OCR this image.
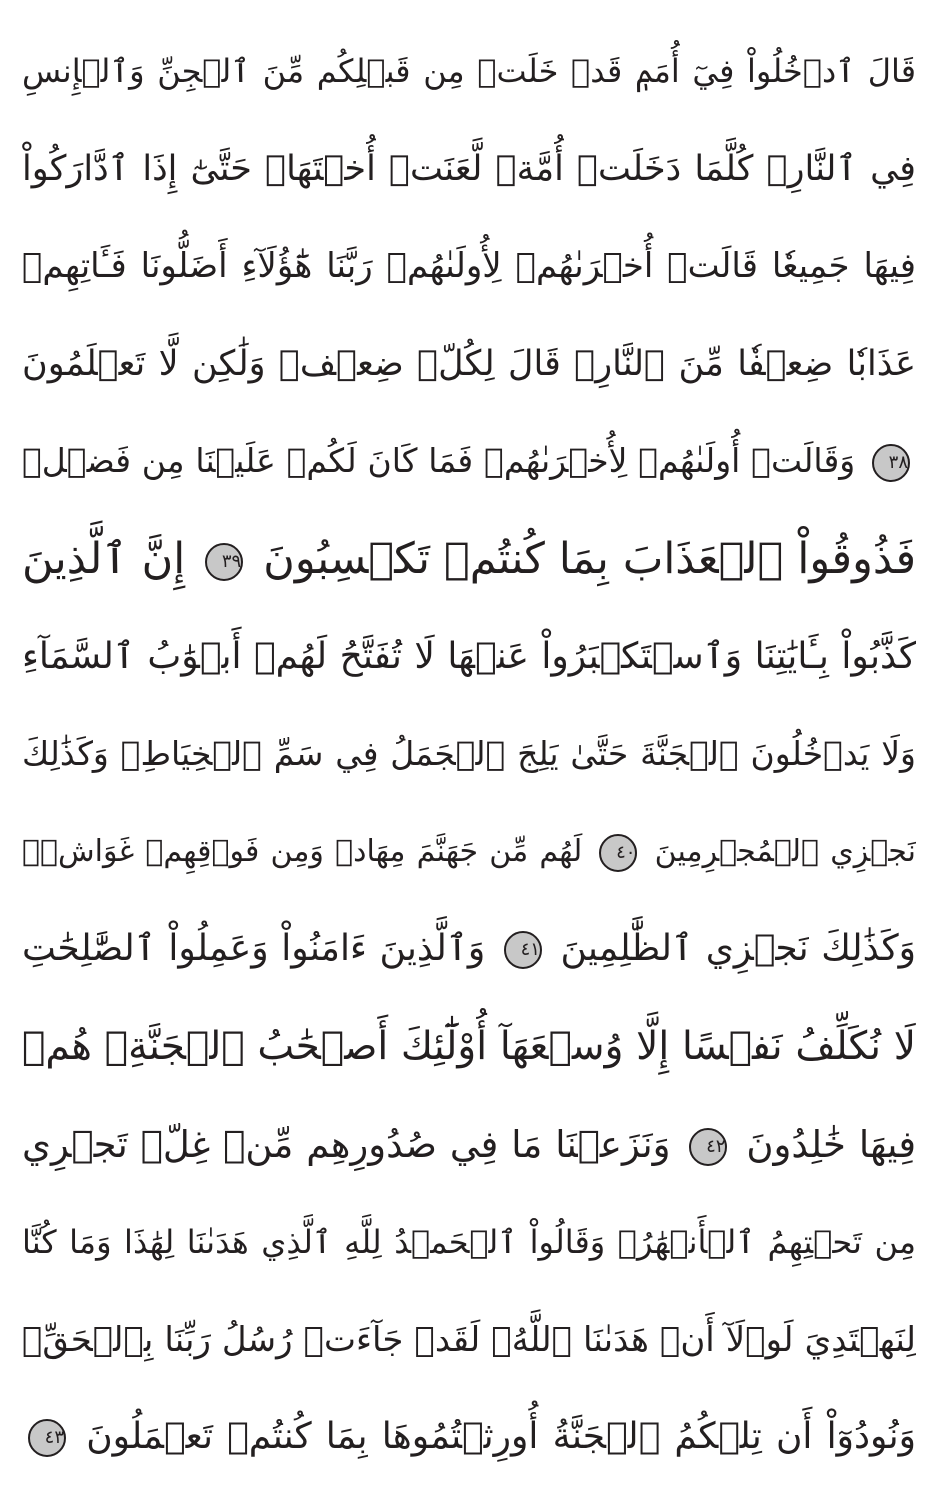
قَالَ ٱدۡخُلُواْ فِيٓ أُمَمٖ قَدۡ خَلَتۡ مِن قَبۡلِكُم مِّنَ ٱلۡجِنِّ وَٱلۡإِنسِ
فِي ٱلنَّارِۖ كُلَّمَا دَخَلَتۡ أُمَّةٞ لَّعَنَتۡ أُخۡتَهَاۖ حَتَّىٰٓ إِذَا ٱدَّارَكُواْ
فِيهَا جَمِيعٗا قَالَتۡ أُخۡرَىٰهُمۡ لِأُولَىٰهُمۡ رَبَّنَا هَٰٓؤُلَآءِ أَضَلُّونَا فَـَٔاتِهِمۡ
عَذَابٗا ضِعۡفٗا مِّنَ ٱلنَّارِۖ قَالَ لِكُلّٖ ضِعۡفٞ وَلَٰكِن لَّا تَعۡلَمُونَ
٣٨ وَقَالَتۡ أُولَىٰهُمۡ لِأُخۡرَىٰهُمۡ فَمَا كَانَ لَكُمۡ عَلَيۡنَا مِن فَضۡلٖ
فَذُوقُواْ ٱلۡعَذَابَ بِمَا كُنتُمۡ تَكۡسِبُونَ ٣٩ إِنَّ ٱلَّذِينَ
كَذَّبُواْ بِـَٔايَٰتِنَا وَٱسۡتَكۡبَرُواْ عَنۡهَا لَا تُفَتَّحُ لَهُمۡ أَبۡوَٰبُ ٱلسَّمَآءِ
وَلَا يَدۡخُلُونَ ٱلۡجَنَّةَ حَتَّىٰ يَلِجَ ٱلۡجَمَلُ فِي سَمِّ ٱلۡخِيَاطِۚ وَكَذَٰلِكَ
نَجۡزِي ٱلۡمُجۡرِمِينَ ٤٠ لَهُم مِّن جَهَنَّمَ مِهَادٞ وَمِن فَوۡقِهِمۡ غَوَاشٖۚ
وَكَذَٰلِكَ نَجۡزِي ٱلظَّٰلِمِينَ ٤١ وَٱلَّذِينَ ءَامَنُواْ وَعَمِلُواْ ٱلصَّٰلِحَٰتِ
لَا نُكَلِّفُ نَفۡسًا إِلَّا وُسۡعَهَآ أُوْلَٰٓئِكَ أَصۡحَٰبُ ٱلۡجَنَّةِۖ هُمۡ
فِيهَا خَٰلِدُونَ ٤٢ وَنَزَعۡنَا مَا فِي صُدُورِهِم مِّنۡ غِلّٖ تَجۡرِي
مِن تَحۡتِهِمُ ٱلۡأَنۡهَٰرُۖ وَقَالُواْ ٱلۡحَمۡدُ لِلَّهِ ٱلَّذِي هَدَىٰنَا لِهَٰذَا وَمَا كُنَّا
لِنَهۡتَدِيَ لَوۡلَآ أَنۡ هَدَىٰنَا ٱللَّهُۖ لَقَدۡ جَآءَتۡ رُسُلُ رَبِّنَا بِٱلۡحَقِّۖ
وَنُودُوٓاْ أَن تِلۡكُمُ ٱلۡجَنَّةُ أُورِثۡتُمُوهَا بِمَا كُنتُمۡ تَعۡمَلُونَ ٤٣
